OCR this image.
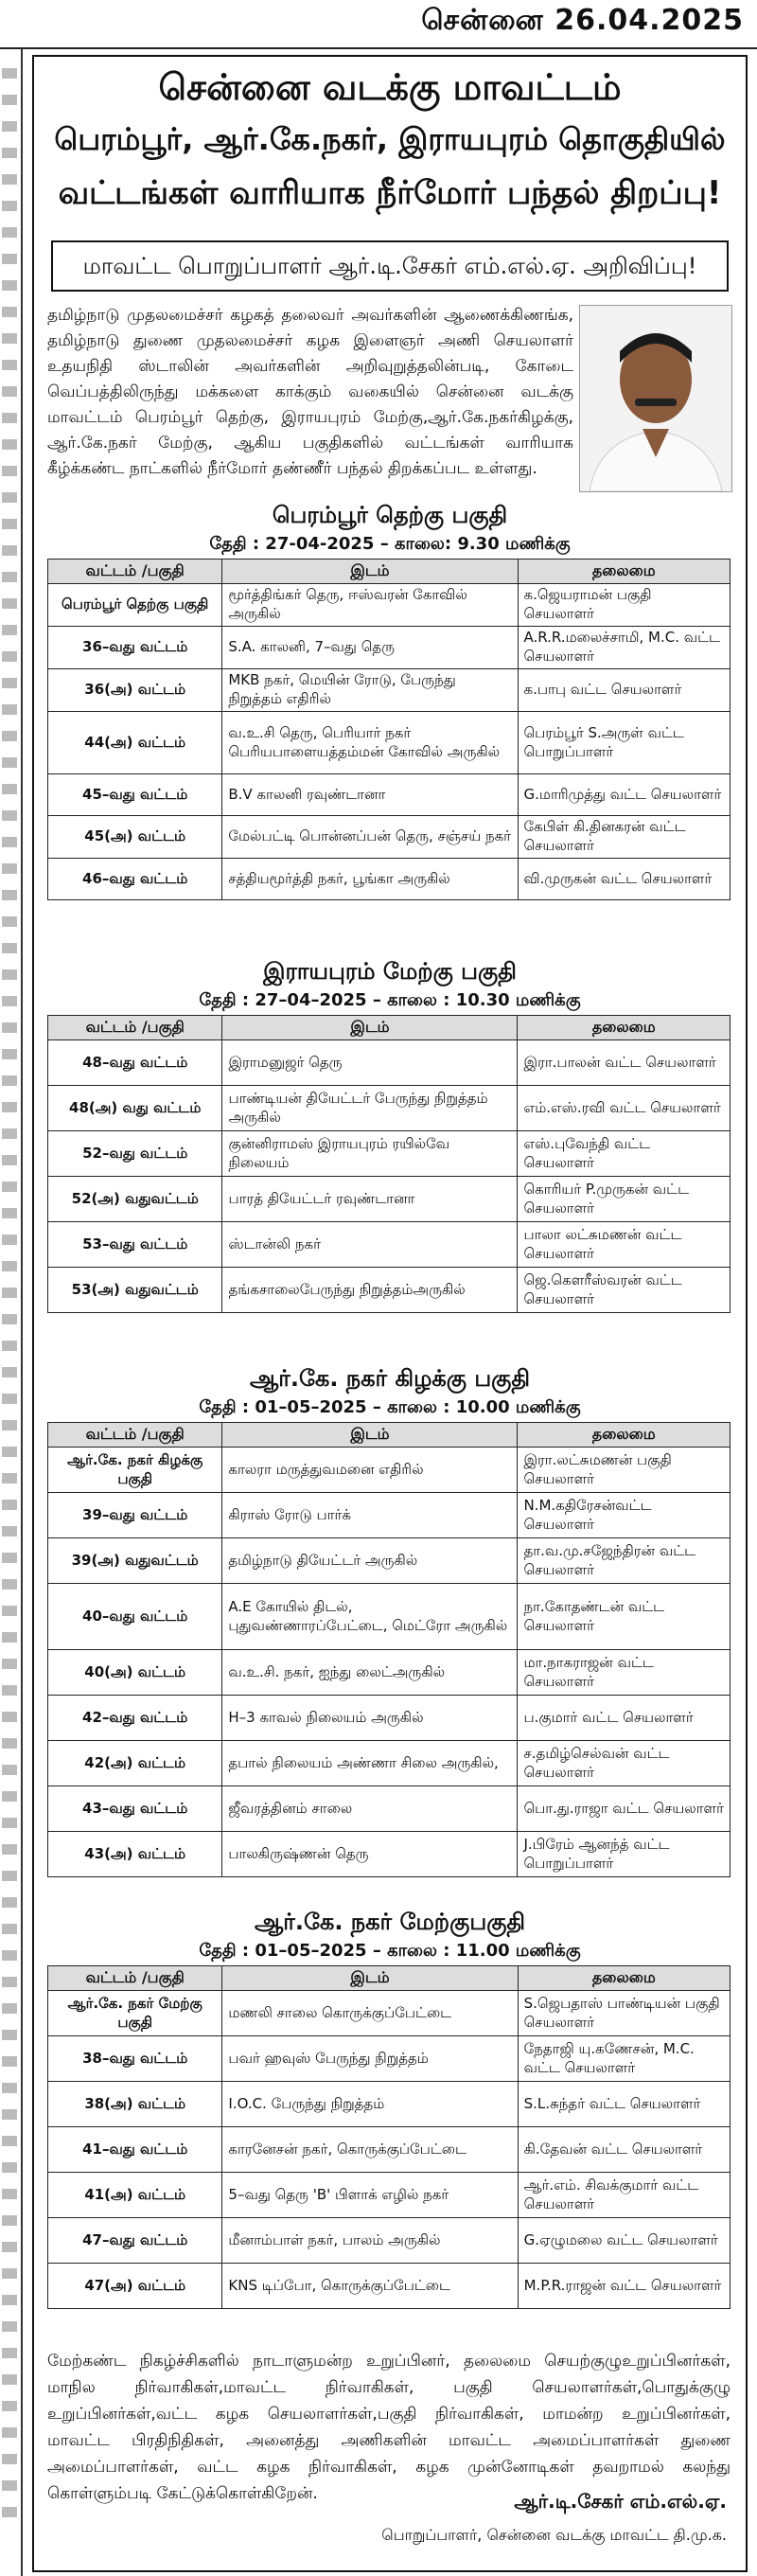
சென்னை 26.04.2025
சென்னை வடக்கு மாவட்டம்
பெரம்பூர், ஆர்.கே.நகர், இராயபுரம் தொகுதியில்
வட்டங்கள் வாரியாக நீர்மோர் பந்தல் திறப்பு!
மாவட்ட பொறுப்பாளர் ஆர்.டி.சேகர் எம்.எல்.ஏ. அறிவிப்பு!
தமிழ்நாடு முதலமைச்சர் கழகத் தலைவர் அவர்களின் ஆணைக்கிணங்க, தமிழ்நாடு துணை முதலமைச்சர் கழக இளைஞர் அணி செயலாளர் உதயநிதி ஸ்டாலின் அவர்களின் அறிவுறுத்தலின்படி, கோடை வெப்பத்திலிருந்து மக்களை காக்கும் வகையில் சென்னை வடக்கு மாவட்டம் பெரம்பூர் தெற்கு, இராயபுரம் மேற்கு,ஆர்.கே.நகர்கிழக்கு, ஆர்.கே.நகர் மேற்கு, ஆகிய பகுதிகளில் வட்டங்கள் வாரியாக கீழ்க்கண்ட நாட்களில் நீர்மோர் தண்ணீர் பந்தல் திறக்கப்பட உள்ளது.
பெரம்பூர் தெற்கு பகுதி
தேதி : 27-04-2025 – காலை: 9.30 மணிக்கு
வட்டம் /பகுதி	இடம்	தலைமை
பெரம்பூர் தெற்கு பகுதி	மூர்த்திங்கர் தெரு, ஈஸ்வரன் கோவில் அருகில்	க.ஜெயராமன் பகுதி செயலாளர்
36–வது வட்டம்	S.A. காலனி, 7–வது தெரு	A.R.R.மலைச்சாமி, M.C. வட்ட செயலாளர்
36(அ) வட்டம்	MKB நகர், மெயின் ரோடு, பேருந்து நிறுத்தம் எதிரில்	க.பாபு வட்ட செயலாளர்
44(அ) வட்டம்	வ.உ.சி தெரு, பெரியார் நகர் பெரியபாளையத்தம்மன் கோவில் அருகில்	பெரம்பூர் S.அருள் வட்ட பொறுப்பாளர்
45–வது வட்டம்	B.V காலனி ரவுண்டானா	G.மாரிமுத்து வட்ட செயலாளர்
45(அ) வட்டம்	மேல்பட்டி பொன்னப்பன் தெரு, சஞ்சய் நகர்	கேபிள் கி.தினகரன் வட்ட செயலாளர்
46–வது வட்டம்	சத்தியமூர்த்தி நகர், பூங்கா அருகில்	வி.முருகன் வட்ட செயலாளர்
இராயபுரம் மேற்கு பகுதி
தேதி : 27–04–2025 – காலை : 10.30 மணிக்கு
வட்டம் /பகுதி	இடம்	தலைமை
48–வது வட்டம்	இராமனுஜர் தெரு	இரா.பாலன் வட்ட செயலாளர்
48(அ) வது வட்டம்	பாண்டியன் தியேட்டர் பேருந்து நிறுத்தம் அருகில்	எம்.எஸ்.ரவி வட்ட செயலாளர்
52–வது வட்டம்	குன்னிராமஸ் இராயபுரம் ரயில்வே நிலையம்	எஸ்.புவேந்தி வட்ட செயலாளர்
52(அ) வதுவட்டம்	பாரத் தியேட்டர் ரவுண்டானா	கொரியர் P.முருகன் வட்ட செயலாளர்
53–வது வட்டம்	ஸ்டான்லி நகர்	பாலா லட்சுமணன் வட்ட செயலாளர்
53(அ) வதுவட்டம்	தங்கசாலைபேருந்து நிறுத்தம்அருகில்	ஜெ.கௌரீஸ்வரன் வட்ட செயலாளர்
ஆர்.கே. நகர் கிழக்கு பகுதி
தேதி : 01–05–2025 – காலை : 10.00 மணிக்கு
வட்டம் /பகுதி	இடம்	தலைமை
ஆர்.கே. நகர் கிழக்கு பகுதி	காலரா மருத்துவமனை எதிரில்	இரா.லட்சுமணன் பகுதி செயலாளர்
39–வது வட்டம்	கிராஸ் ரோடு பார்க்	N.M.கதிரேசன்வட்ட செயலாளர்
39(அ) வதுவட்டம்	தமிழ்நாடு தியேட்டர் அருகில்	தா.வ.மு.சஜேந்திரன் வட்ட செயலாளர்
40–வது வட்டம்	A.E கோயில் திடல், புதுவண்ணாரப்பேட்டை, மெட்ரோ அருகில்	நா.கோதண்டன் வட்ட செயலாளர்
40(அ) வட்டம்	வ.உ.சி. நகர், ஐந்து லைட்அருகில்	மா.நாகராஜன் வட்ட செயலாளர்
42–வது வட்டம்	H–3 காவல் நிலையம் அருகில்	ப.குமார் வட்ட செயலாளர்
42(அ) வட்டம்	தபால் நிலையம் அண்ணா சிலை அருகில்,	ச.தமிழ்செல்வன் வட்ட செயலாளர்
43–வது வட்டம்	ஜீவரத்தினம் சாலை	பொ.து.ராஜா வட்ட செயலாளர்
43(அ) வட்டம்	பாலகிருஷ்ணன் தெரு	J.பிரேம் ஆனந்த் வட்ட பொறுப்பாளர்
ஆர்.கே. நகர் மேற்குபகுதி
தேதி : 01–05–2025 – காலை : 11.00 மணிக்கு
வட்டம் /பகுதி	இடம்	தலைமை
ஆர்.கே. நகர் மேற்கு பகுதி	மணலி சாலை கொருக்குப்பேட்டை	S.ஜெபதாஸ் பாண்டியன் பகுதி செயலாளர்
38–வது வட்டம்	பவர் ஹவுஸ் பேருந்து நிறுத்தம்	நேதாஜி யு.கணேசன், M.C. வட்ட செயலாளர்
38(அ) வட்டம்	I.O.C. பேருந்து நிறுத்தம்	S.L.சுந்தர் வட்ட செயலாளர்
41–வது வட்டம்	காரனேசன் நகர், கொருக்குப்பேட்டை	கி.தேவன் வட்ட செயலாளர்
41(அ) வட்டம்	5–வது தெரு 'B' பிளாக் எழில் நகர்	ஆர்.எம். சிவக்குமார் வட்ட செயலாளர்
47–வது வட்டம்	மீனாம்பாள் நகர், பாலம் அருகில்	G.ஏழுமலை வட்ட செயலாளர்
47(அ) வட்டம்	KNS டிப்போ, கொருக்குப்பேட்டை	M.P.R.ராஜன் வட்ட செயலாளர்
மேற்கண்ட நிகழ்ச்சிகளில் நாடாளுமன்ற உறுப்பினர், தலைமை செயற்குழுஉறுப்பினர்கள், மாநில நிர்வாகிகள்,மாவட்ட நிர்வாகிகள், பகுதி செயலாளர்கள்,பொதுக்குழு உறுப்பினர்கள்,வட்ட கழக செயலாளர்கள்,பகுதி நிர்வாகிகள், மாமன்ற உறுப்பினர்கள், மாவட்ட பிரதிநிதிகள், அனைத்து அணிகளின் மாவட்ட அமைப்பாளர்கள் துணை அமைப்பாளர்கள், வட்ட கழக நிர்வாகிகள், கழக முன்னோடிகள் தவறாமல் கலந்து கொள்ளும்படி கேட்டுக்கொள்கிறேன்.	ஆர்.டி.சேகர் எம்.எல்.ஏ.
பொறுப்பாளர், சென்னை வடக்கு மாவட்ட தி.மு.க.
